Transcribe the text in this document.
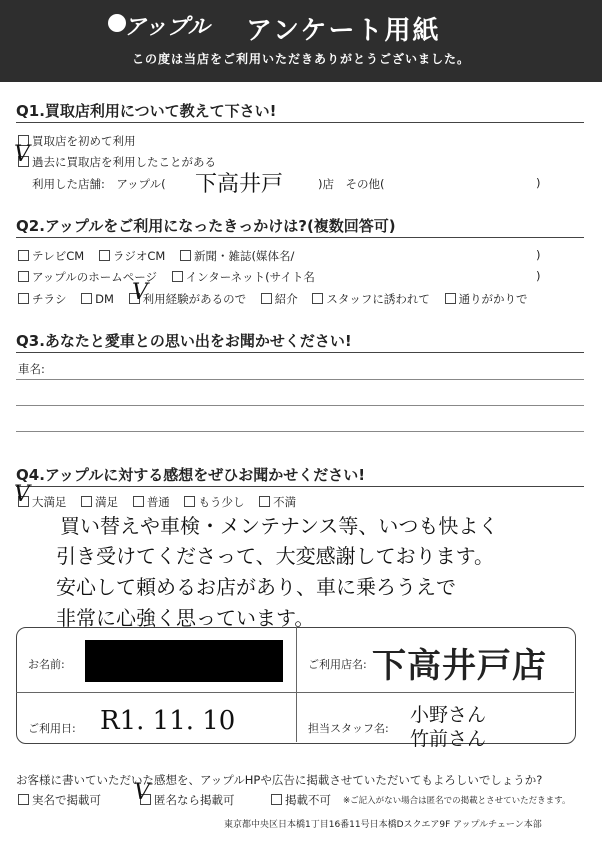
アップル アンケート用紙
この度は当店をご利用いただきありがとうございました。
Q1.買取店利用について教えて下さい!
買取店を初めて利用
過去に買取店を利用したことがある
V
利用した店舗:　アップル( 下高井戸	)店　その他(	)
Q2.アップルをご利用になったきっかけは?(複数回答可)
テレビCM ラジオCM 新聞・雑誌(媒体名/	)
アップルのホームページ インターネット(サイト名	)
チラシ DM 利用経験があるので 紹介 スタッフに誘われて 通りがかりで
V
Q3.あなたと愛車との思い出をお聞かせください!
車名:
Q4.アップルに対する感想をぜひお聞かせください!
大満足 満足 普通 もう少し 不満
V
買い替えや車検・メンテナンス等、いつも快よく
引き受けてくださって、大変感謝しております。
安心して頼めるお店があり、車に乗ろうえで
非常に心強く思っています。
お名前:	ご利用店名: 下高井戸店
ご利用日: R1. 11. 10	担当スタッフ名:
小野さん
竹前さん
お客様に書いていただいた感想を、アップルHPや広告に掲載させていただいてもよろしいでしょうか?
実名で掲載可	匿名なら掲載可
V	掲載不可 ※ご記入がない場合は匿名での掲載とさせていただきます。
東京都中央区日本橋1丁目16番11号日本橋Dスクエア9F アップルチェーン本部
